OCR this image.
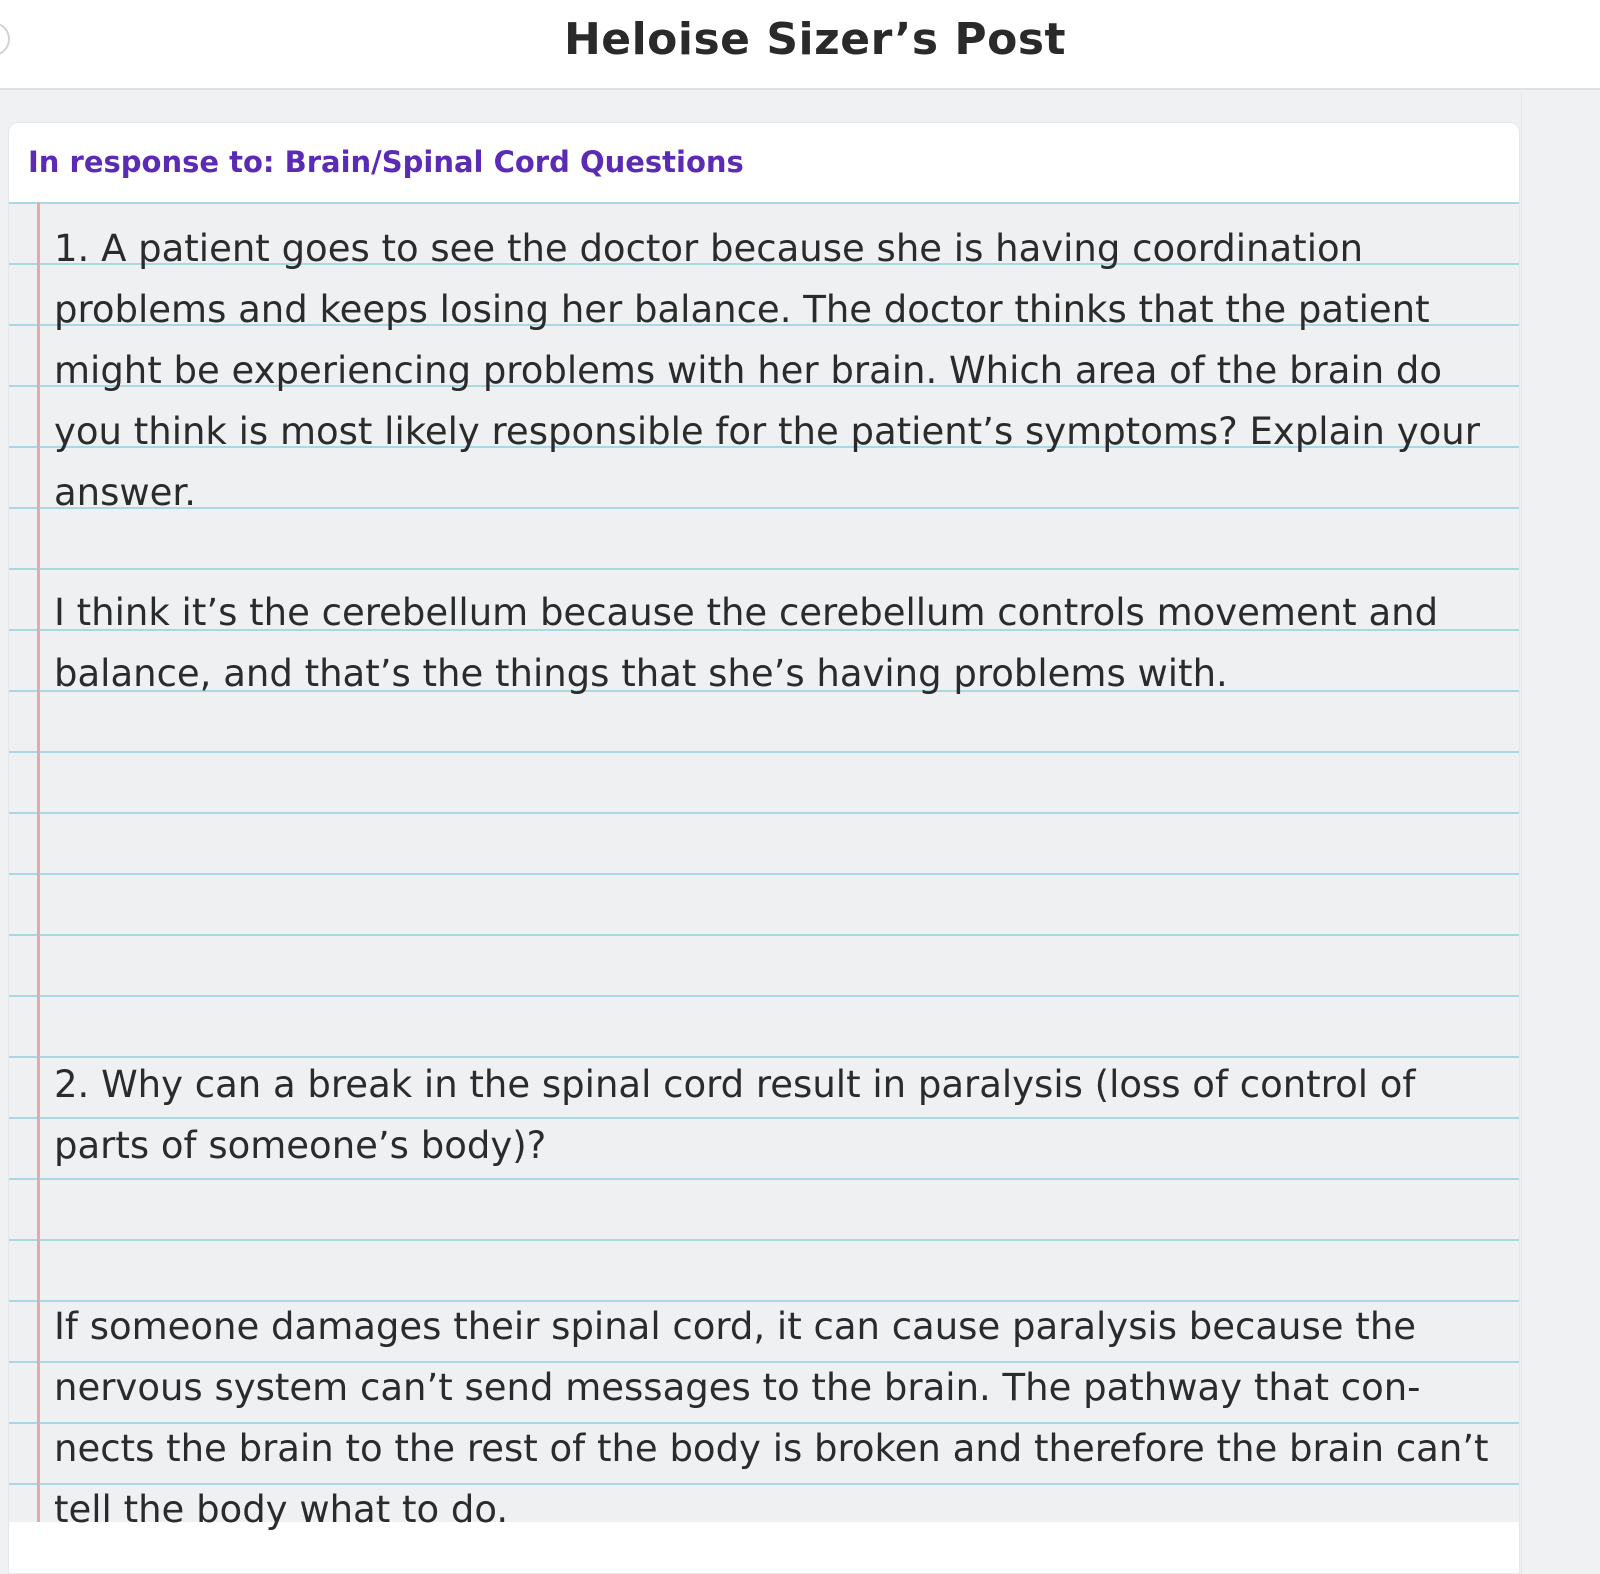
Heloise Sizer’s Post
In response to: Brain/Spinal Cord Questions

1. A patient goes to see the doctor because she is having coordination problems and keeps losing her balance. The doctor thinks that the patient might be experiencing problems with her brain. Which area of the brain do you think is most likely responsible for the patient’s symptoms? Explain your answer.

I think it’s the cerebellum because the cerebellum controls movement and balance, and that’s the things that she’s having problems with.

2. Why can a break in the spinal cord result in paralysis (loss of control of parts of someone’s body)?

If someone damages their spinal cord, it can cause paralysis because the nervous system can’t send messages to the brain. The pathway that con-nects the brain to the rest of the body is broken and therefore the brain can’t tell the body what to do.
